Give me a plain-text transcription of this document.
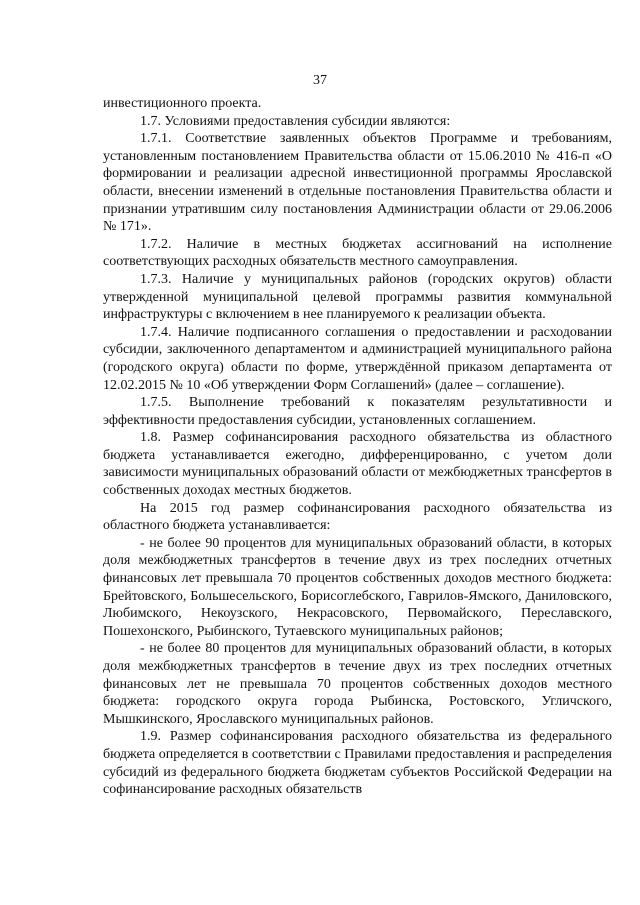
37

инвестиционного проекта.

1.7. Условиями предоставления субсидии являются:

1.7.1. Соответствие заявленных объектов Программе и требованиям, установленным постановлением Правительства области от 15.06.2010 № 416-п «О формировании и реализации адресной инвестиционной программы Ярославской области, внесении изменений в отдельные постановления Правительства области и признании утратившим силу постановления Администрации области от 29.06.2006 № 171».

1.7.2. Наличие в местных бюджетах ассигнований на исполнение соответствующих расходных обязательств местного самоуправления.

1.7.3. Наличие у муниципальных районов (городских округов) области утвержденной муниципальной целевой программы развития коммунальной инфраструктуры с включением в нее планируемого к реализации объекта.

1.7.4. Наличие подписанного соглашения о предоставлении и расходовании субсидии, заключенного департаментом и администрацией муниципального района (городского округа) области по форме, утверждённой приказом департамента от 12.02.2015 № 10 «Об утверждении Форм Соглашений» (далее – соглашение).

1.7.5. Выполнение требований к показателям результативности и эффективности предоставления субсидии, установленных соглашением.

1.8. Размер софинансирования расходного обязательства из областного бюджета устанавливается ежегодно, дифференцированно, с учетом доли зависимости муниципальных образований области от межбюджетных трансфертов в собственных доходах местных бюджетов.

На 2015 год размер софинансирования расходного обязательства из областного бюджета устанавливается:

- не более 90 процентов для муниципальных образований области, в которых доля межбюджетных трансфертов в течение двух из трех последних отчетных финансовых лет превышала 70 процентов собственных доходов местного бюджета: Брейтовского, Большесельского, Борисоглебского, Гаврилов-Ямского, Даниловского, Любимского, Некоузского, Некрасовского, Первомайского, Переславского, Пошехонского, Рыбинского, Тутаевского муниципальных районов;

- не более 80 процентов для муниципальных образований области, в которых доля межбюджетных трансфертов в течение двух из трех последних отчетных финансовых лет не превышала 70 процентов собственных доходов местного бюджета: городского округа города Рыбинска, Ростовского, Угличского, Мышкинского, Ярославского муниципальных районов.

1.9. Размер софинансирования расходного обязательства из федерального бюджета определяется в соответствии с Правилами предоставления и распределения субсидий из федерального бюджета бюджетам субъектов Российской Федерации на софинансирование расходных обязательств
